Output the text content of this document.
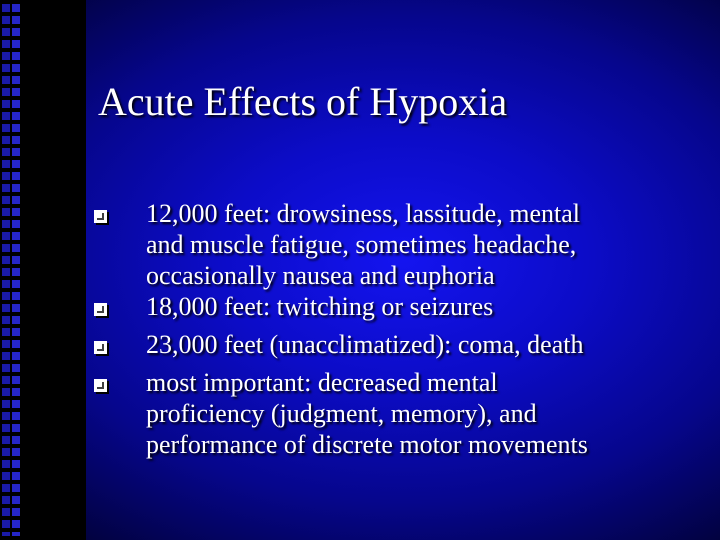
Acute Effects of Hypoxia
12,000 feet: drowsiness, lassitude, mental
and muscle fatigue, sometimes headache,
occasionally nausea and euphoria
18,000 feet: twitching or seizures
23,000 feet (unacclimatized): coma, death
most important: decreased mental
proficiency (judgment, memory), and
performance of discrete motor movements
